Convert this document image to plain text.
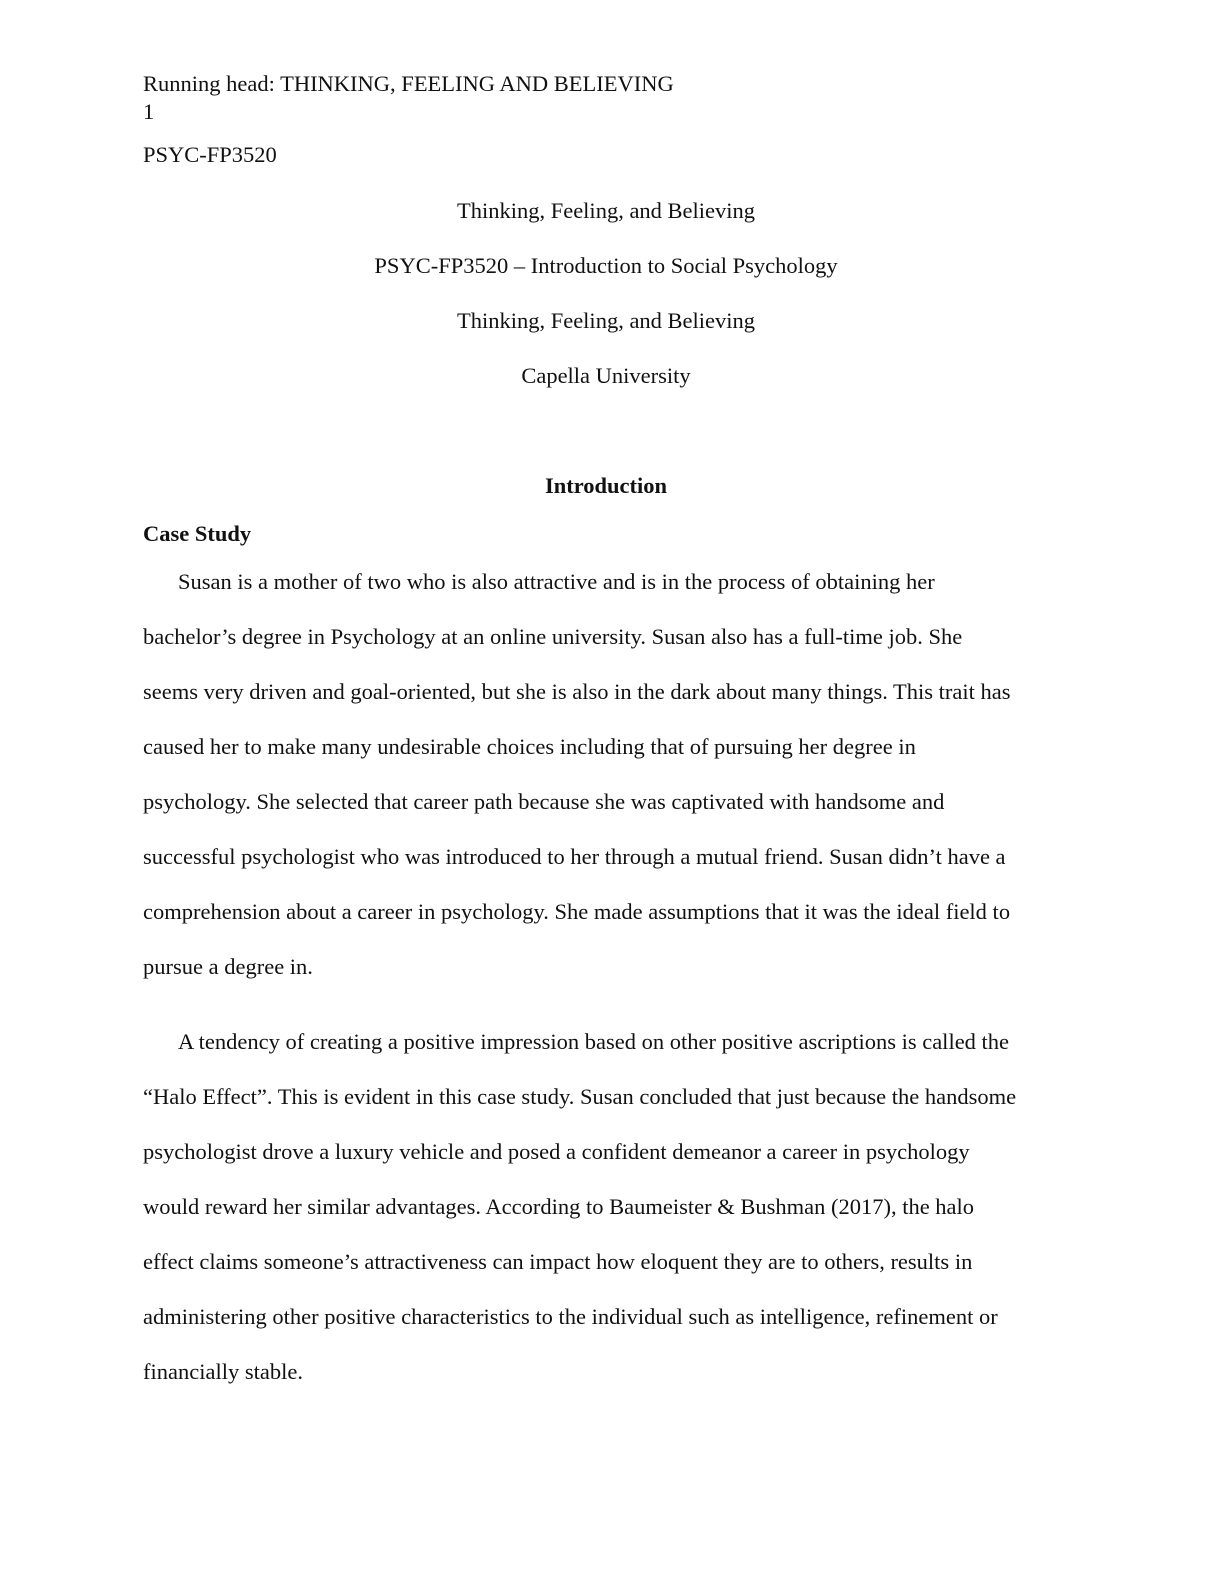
Running head: THINKING, FEELING AND BELIEVING

1

PSYC-FP3520

Thinking, Feeling, and Believing

PSYC-FP3520 – Introduction to Social Psychology

Thinking, Feeling, and Believing

Capella University

Introduction
Case Study
Susan is a mother of two who is also attractive and is in the process of obtaining her
bachelor’s degree in Psychology at an online university. Susan also has a full-time job. She
seems very driven and goal-oriented, but she is also in the dark about many things. This trait has
caused her to make many undesirable choices including that of pursuing her degree in
psychology. She selected that career path because she was captivated with handsome and
successful psychologist who was introduced to her through a mutual friend. Susan didn’t have a
comprehension about a career in psychology. She made assumptions that it was the ideal field to
pursue a degree in.
A tendency of creating a positive impression based on other positive ascriptions is called the
“Halo Effect”. This is evident in this case study. Susan concluded that just because the handsome
psychologist drove a luxury vehicle and posed a confident demeanor a career in psychology
would reward her similar advantages. According to Baumeister & Bushman (2017), the halo
effect claims someone’s attractiveness can impact how eloquent they are to others, results in
administering other positive characteristics to the individual such as intelligence, refinement or
financially stable.
